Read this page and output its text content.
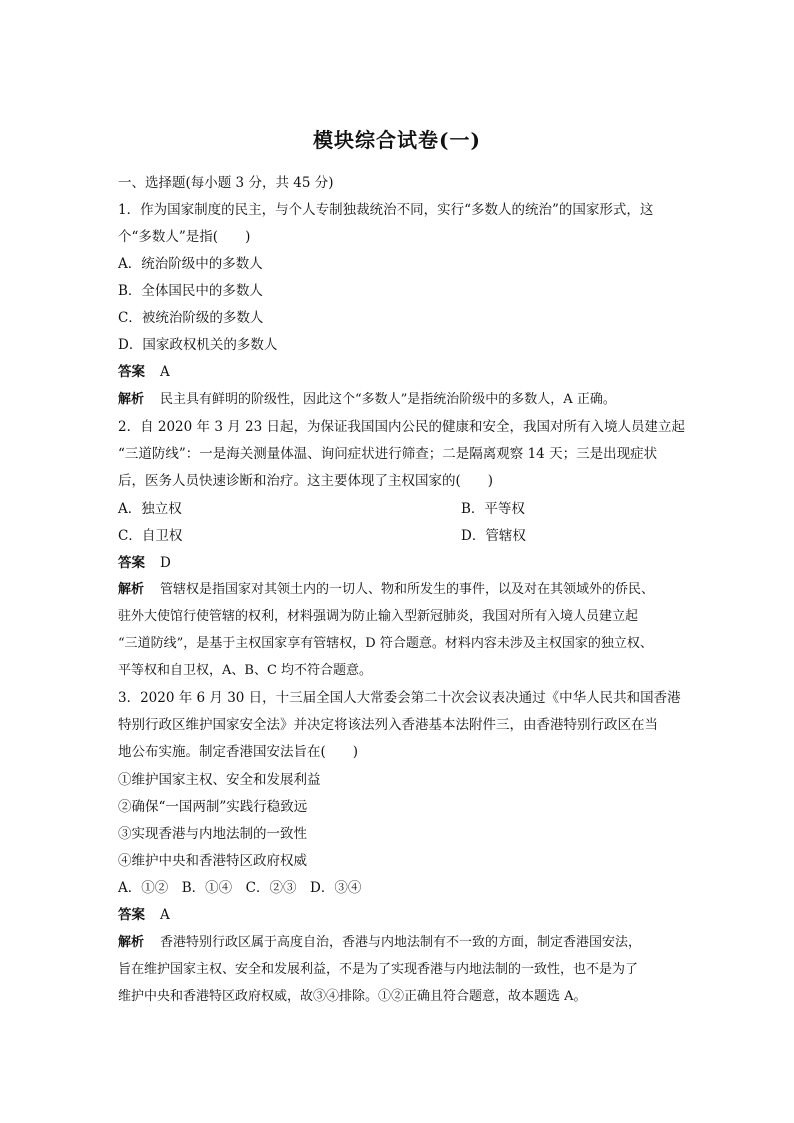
模块综合试卷(一)
一、选择题(每小题 3 分，共 45 分)
1．作为国家制度的民主，与个人专制独裁统治不同，实行“多数人的统治”的国家形式，这
个“多数人”是指(　　)
A．统治阶级中的多数人
B．全体国民中的多数人
C．被统治阶级的多数人
D．国家政权机关的多数人
答案 A
解析 民主具有鲜明的阶级性，因此这个“多数人”是指统治阶级中的多数人，A 正确。
2．自 2020 年 3 月 23 日起，为保证我国国内公民的健康和安全，我国对所有入境人员建立起
“三道防线”：一是海关测量体温、询问症状进行筛查；二是隔离观察 14 天；三是出现症状
后，医务人员快速诊断和治疗。这主要体现了主权国家的(　　)
A．独立权	B．平等权
C．自卫权	D．管辖权
答案 D
解析 管辖权是指国家对其领土内的一切人、物和所发生的事件，以及对在其领域外的侨民、
驻外大使馆行使管辖的权利，材料强调为防止输入型新冠肺炎，我国对所有入境人员建立起
“三道防线”，是基于主权国家享有管辖权，D 符合题意。材料内容未涉及主权国家的独立权、
平等权和自卫权，A、B、C 均不符合题意。
3．2020 年 6 月 30 日，十三届全国人大常委会第二十次会议表决通过《中华人民共和国香港
特别行政区维护国家安全法》并决定将该法列入香港基本法附件三，由香港特别行政区在当
地公布实施。制定香港国安法旨在(　　)
①维护国家主权、安全和发展利益
②确保“一国两制”实践行稳致远
③实现香港与内地法制的一致性
④维护中央和香港特区政府权威
A．①②　B．①④　C．②③　D．③④
答案 A
解析 香港特别行政区属于高度自治，香港与内地法制有不一致的方面，制定香港国安法，
旨在维护国家主权、安全和发展利益，不是为了实现香港与内地法制的一致性，也不是为了
维护中央和香港特区政府权威，故③④排除。①②正确且符合题意，故本题选 A。
